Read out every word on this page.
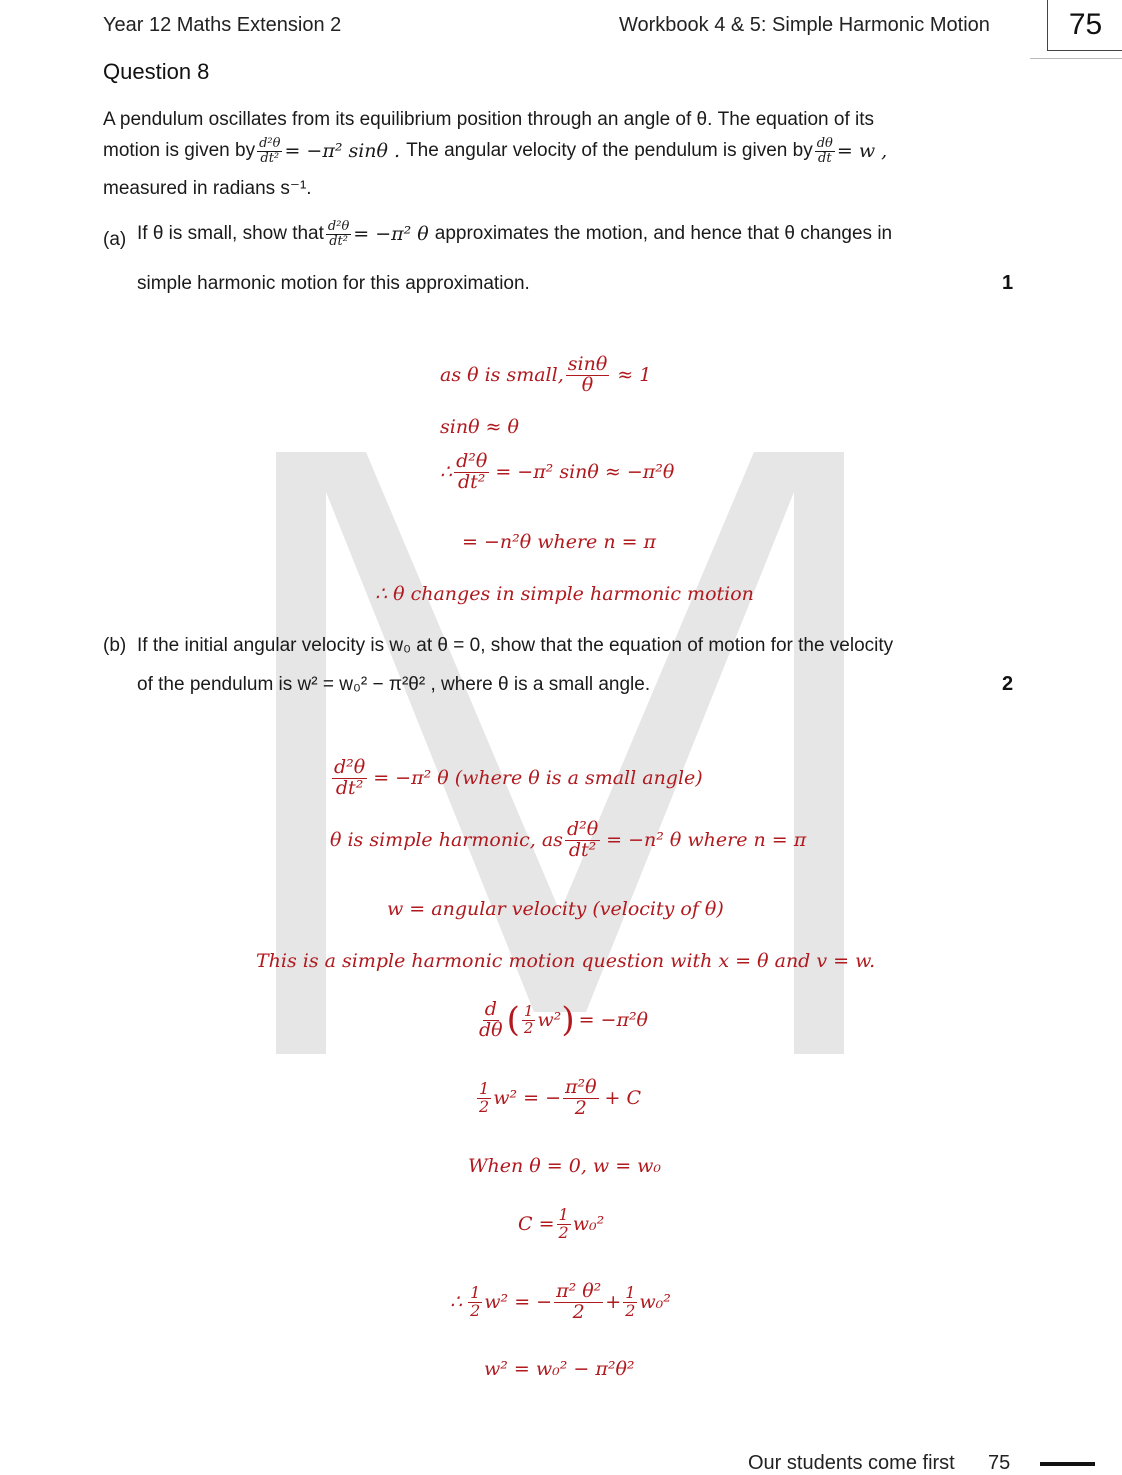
Year 12 Maths Extension 2	Workbook 4 & 5: Simple Harmonic Motion	75
Question 8
A pendulum oscillates from its equilibrium position through an angle of θ. The equation of its
motion is given by $\frac{\text{d²θ}}{\text{dt²}} = -\pi^2$ sinθ . The angular velocity of the pendulum is given by $\frac{d\theta}{dt} = w$ ,
measured in radians s⁻¹.
(a) If θ is small, show that $\frac{\text{d²θ}}{\text{dt²}} = -\pi^2$ θ approximates the motion, and hence that θ changes in
simple harmonic motion for this approximation.	1
as θ is small, $\frac{\sin\theta}{\theta} \approx 1$
sinθ ≈ θ
∴ $\frac{\text{d²θ}}{\text{dt²}} = -\pi^2$ sinθ ≈ −π²θ
= −n²θ where n = π
∴ θ changes in simple harmonic motion
(b) If the initial angular velocity is w₀ at θ = 0, show that the equation of motion for the velocity
of the pendulum is w² = w₀² − π²θ² , where θ is a small angle.	2
$\frac{\text{d²θ}}{\text{dt²}} = -\pi^2$ θ (where θ is a small angle)
θ is simple harmonic, as $\frac{\text{d²θ}}{\text{dt²}} = -n^2$ θ where n = π
w = angular velocity (velocity of θ)
This is a simple harmonic motion question with x = θ and v = w.
$\frac{d}{d\theta}$ ( $\frac{1}{2} w^2$ ) = −π²θ
$\frac{1}{2} w^2$ = − $\frac{\text{π²θ}}{2} + C$
When θ = 0, w = w₀
$C = \frac{1}{2} w_0^2$
∴ $\frac{1}{2} w^2$ = − $\frac{\text{π² θ²}}{2} + \frac{1}{2} w_0^2$
w² = w₀² − π²θ²
Our students come first 75
